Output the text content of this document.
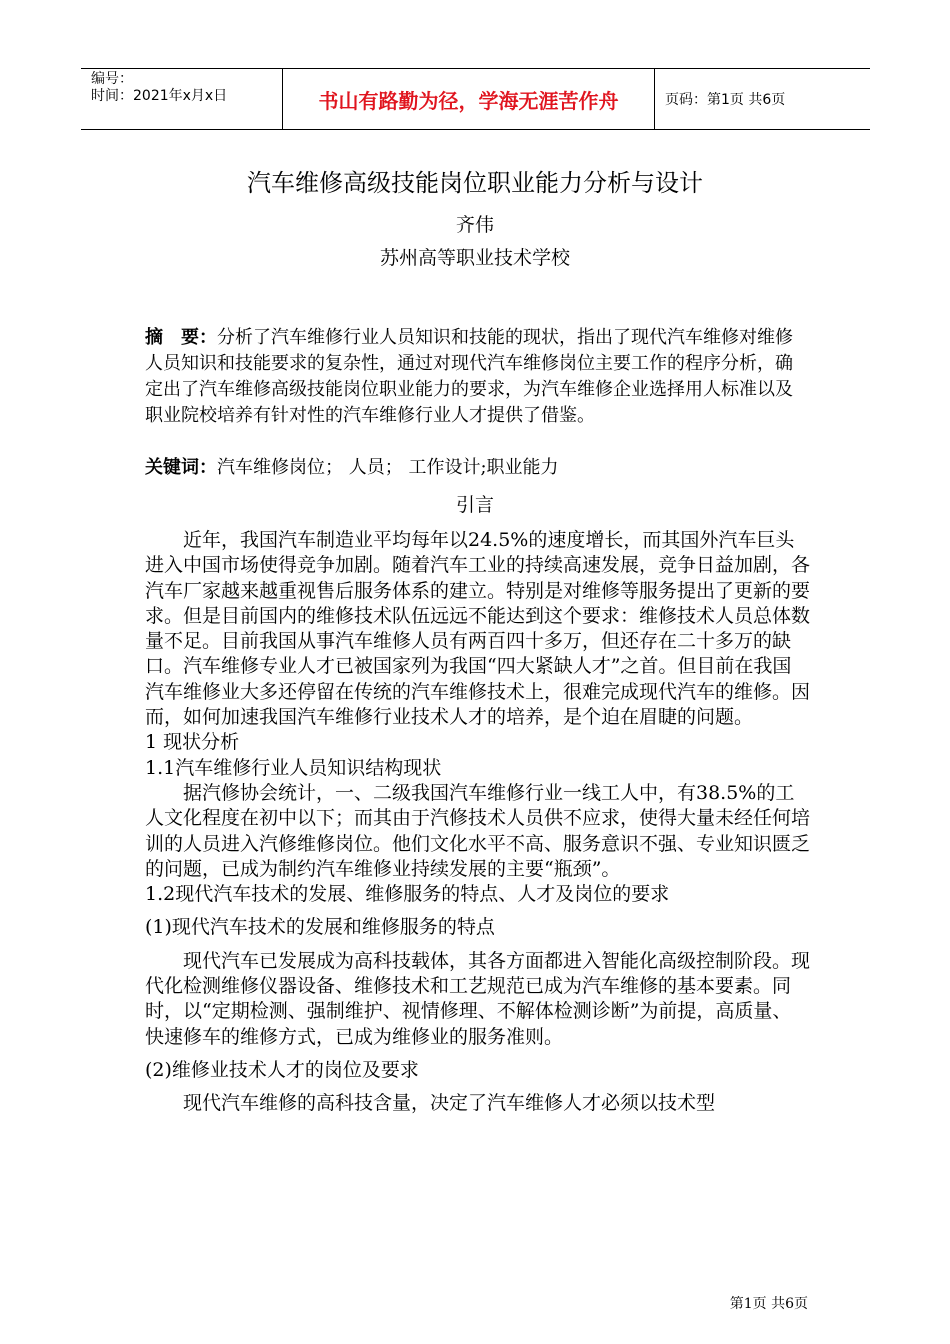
编号：
时间：2021年x月x日	书山有路勤为径，学海无涯苦作舟	页码：第1页 共6页
汽车维修高级技能岗位职业能力分析与设计
齐伟
苏州高等职业技术学校
摘　要：分析了汽车维修行业人员知识和技能的现状，指出了现代汽车维修对维修人员知识和技能要求的复杂性，通过对现代汽车维修岗位主要工作的程序分析，确定出了汽车维修高级技能岗位职业能力的要求，为汽车维修企业选择用人标准以及职业院校培养有针对性的汽车维修行业人才提供了借鉴。
关键词：汽车维修岗位； 人员； 工作设计;职业能力
引言

近年，我国汽车制造业平均每年以24.5%的速度增长，而其国外汽车巨头进入中国市场使得竞争加剧。随着汽车工业的持续高速发展，竞争日益加剧，各汽车厂家越来越重视售后服务体系的建立。特别是对维修等服务提出了更新的要求。但是目前国内的维修技术队伍远远不能达到这个要求：维修技术人员总体数量不足。目前我国从事汽车维修人员有两百四十多万，但还存在二十多万的缺口。汽车维修专业人才已被国家列为我国“四大紧缺人才”之首。但目前在我国汽车维修业大多还停留在传统的汽车维修技术上，很难完成现代汽车的维修。因而，如何加速我国汽车维修行业技术人才的培养，是个迫在眉睫的问题。

1 现状分析

1.1汽车维修行业人员知识结构现状

据汽修协会统计，一、二级我国汽车维修行业一线工人中，有38.5%的工人文化程度在初中以下；而其由于汽修技术人员供不应求，使得大量未经任何培训的人员进入汽修维修岗位。他们文化水平不高、服务意识不强、专业知识匮乏的问题，已成为制约汽车维修业持续发展的主要“瓶颈”。

1.2现代汽车技术的发展、维修服务的特点、人才及岗位的要求

(1)现代汽车技术的发展和维修服务的特点

现代汽车已发展成为高科技载体，其各方面都进入智能化高级控制阶段。现代化检测维修仪器设备、维修技术和工艺规范已成为汽车维修的基本要素。同时，以“定期检测、强制维护、视情修理、不解体检测诊断”为前提，高质量、快速修车的维修方式，已成为维修业的服务准则。

(2)维修业技术人才的岗位及要求

现代汽车维修的高科技含量，决定了汽车维修人才必须以技术型

第1页 共6页
